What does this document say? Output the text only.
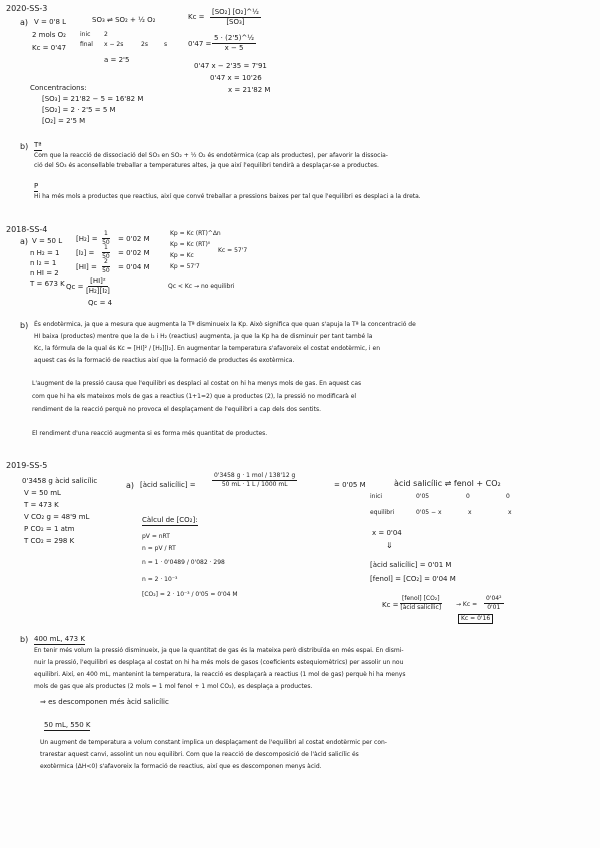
2020-SS-3
a) V = 0'8 L
2 mols O₂
Kc = 0'47
SO₃ ⇌ SO₂ + ½ O₂
inic 2
final x − 2s	2s	s
a = 2'5
$Kc = \frac{\text{[SO₂] [O₂]\textasciicircum{}½}}{\text{[SO₃]}}$
$0'47 = \frac{\text{5 · (2'5)\textasciicircum{}½}}{x - 5}$
0'47 x − 2'35 = 7'91
0'47 x = 10'26
x = 21'82 M
Concentracions:
[SO₃] = 21'82 − 5 = 16'82 M
[SO₂] = 2 · 2'5 = 5 M
[O₂] = 2'5 M
b) Tª
Com que la reacció de dissociació del SO₃ en SO₂ + ½ O₂ és endotèrmica (cap als productes), per afavorir la dissocia-
ció del SO₃ és aconsellable treballar a temperatures altes, ja que així l'equilibri tendirà a desplaçar-se a productes.
P
Hi ha més mols a productes que reactius, així que convé treballar a pressions baixes per tal que l'equilibri es desplaci a la dreta.
2018-SS-4
a) V = 50 L
n H₂ = 1
n I₂ = 1
n HI = 2
T = 673 K
$[H_2] = \frac{1}{50} = 0'02$ M
$[I_2] = \frac{1}{50} = 0'02$ M
$[HI] = \frac{2}{50} = 0'04$ M
$Qc = \frac{\text{[HI]²}}{\text{[H₂][I₂]}}$
Qc = 4
Kp = Kc (RT)^Δn
Kp = Kc (RT)⁰
Kp = Kc
Kp = 57'7
Kc = 57'7
Qc < Kc → no equilibri
b) És endotèrmica, ja que a mesura que augmenta la Tª disminueix la Kp. Això significa que quan s'apuja la Tª la concentració de
HI baixa (productes) mentre que la de I₂ i H₂ (reactius) augmenta, ja que la Kp ha de disminuir per tant també la
Kc, la fórmula de la qual és Kc = [HI]² / [H₂][I₂]. En augmentar la temperatura s'afavoreix el costat endotèrmic, i en
aquest cas és la formació de reactius així que la formació de productes és exotèrmica.
L'augment de la pressió causa que l'equilibri es desplaci al costat on hi ha menys mols de gas. En aquest cas
com que hi ha els mateixos mols de gas a reactius (1+1=2) que a productes (2), la pressió no modificarà el
rendiment de la reacció perquè no provoca el desplaçament de l'equilibri a cap dels dos sentits.
El rendiment d'una reacció augmenta si es forma més quantitat de productes.
2019-SS-5
0'3458 g àcid salicílic
V = 50 mL
T = 473 K
V CO₂ g = 48'9 mL
P CO₂ = 1 atm
T CO₂ = 298 K
a) [àcid salicílic] =
0'3458 g · 1 mol / 138'12 g
50 mL · 1 L / 1000 mL	= 0'05 M
Càlcul de [CO₂]:
pV = nRT
n = pV / RT
n = 1 · 0'0489 / 0'082 · 298
n = 2 · 10⁻³
[CO₂] = 2 · 10⁻³ / 0'05 = 0'04 M
àcid salicílic ⇌ fenol + CO₂
inici	0'05	0	0
equilibri	0'05 − x	x	x
x = 0'04
⇓
[àcid salicílic] = 0'01 M
[fenol] = [CO₂] = 0'04 M
Kc =
[fenol] [CO₂]
[àcid salicílic] → $Kc = \frac{\text{0'04²}}{0'01}$
Kc = 0'16
b) 400 mL, 473 K
En tenir més volum la pressió disminueix, ja que la quantitat de gas és la mateixa però distribuïda en més espai. En dismi-
nuir la pressió, l'equilibri es desplaça al costat on hi ha més mols de gasos (coeficients estequiomètrics) per assolir un nou
equilibri. Així, en 400 mL, mantenint la temperatura, la reacció es desplaçarà a reactius (1 mol de gas) perquè hi ha menys
mols de gas que als productes (2 mols = 1 mol fenol + 1 mol CO₂), es desplaça a productes.
⇒ es descomponen més àcid salicílic
50 mL, 550 K
Un augment de temperatura a volum constant implica un desplaçament de l'equilibri al costat endotèrmic per con-
trarestar aquest canvi, assolint un nou equilibri. Com que la reacció de descomposició de l'àcid salicílic és
exotèrmica (ΔH<0) s'afavoreix la formació de reactius, així que es descomponen menys àcid.
